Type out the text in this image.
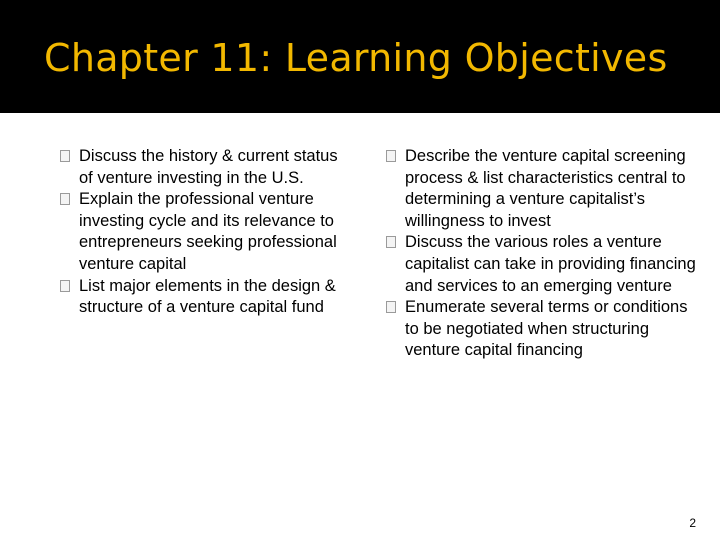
Chapter 11: Learning Objectives
Discuss the history & current status of venture investing in the U.S.
Explain the professional venture investing cycle and its relevance to entrepreneurs seeking professional venture capital
List major elements in the design & structure of a venture capital fund
Describe the venture capital screening process & list characteristics central to determining a venture capitalist’s willingness to invest
Discuss the various roles a venture capitalist can take in providing financing and services to an emerging venture
Enumerate several terms or conditions to be negotiated when structuring venture capital financing
2
